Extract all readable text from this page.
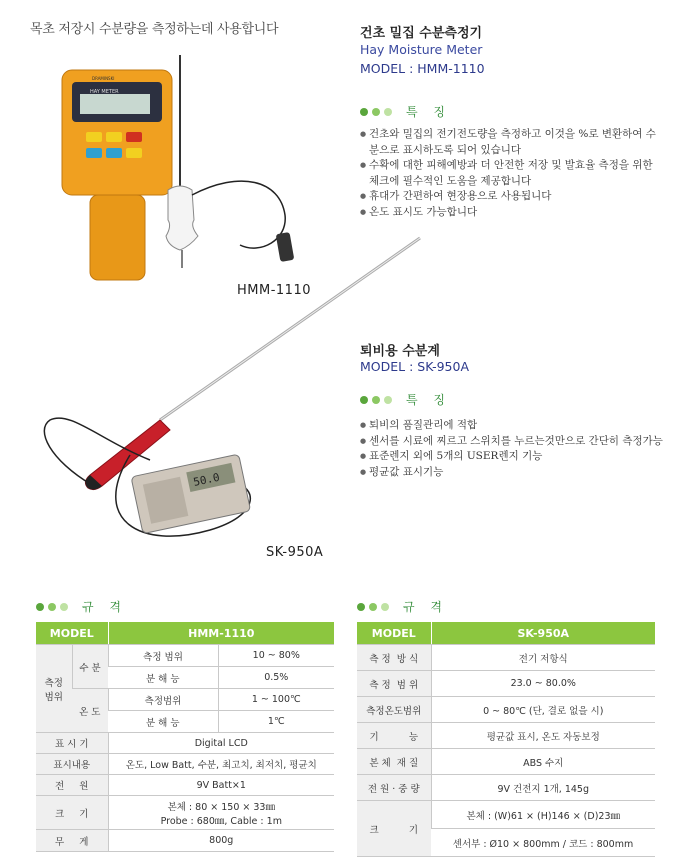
목초 저장시 수분량을 측정하는데 사용합니다
DRAMINSKI
HAY METER
건초 밀집 수분측정기
Hay Moisture Meter
MODEL : HMM-1110
특 징
● 건초와 밀집의 전기전도량을 측정하고 이것을 %로 변환하여 수
분으로 표시하도록 되어 있습니다
● 수확에 대한 피해예방과 더 안전한 저장 및 발효율 측정을 위한
체크에 필수적인 도움을 제공합니다
● 휴대가 간편하여 현장용으로 사용됩니다
● 온도 표시도 가능합니다
HMM-1110
퇴비용 수분계
MODEL : SK-950A
특 징
● 퇴비의 품질관리에 적합
● 센서를 시료에 찌르고 스위치를 누르는것만으로 간단히 측정가능
● 표준렌지 외에 5개의 USER렌지 기능
● 평균값 표시기능
50.0
SK-950A
규 격
MODEL		HMM-1110	
측정
범위	수 분	측정 범위	10 ~ 80%
		분 해 능	0.5%
	온 도	측정범위	1 ~ 100℃
		분 해 능	1℃
표 시 기		Digital LCD	
표시내용		온도, Low Batt, 수분, 최고치, 최저치, 평균치	
전     원		9V Batt×1	
크     기		본체 : 80 × 150 × 33㎜
Probe : 680㎜, Cable : 1m	

무     게		800g	
규 격
MODEL	SK-950A
측 정  방 식	전기 저항식
측 정  범 위	23.0 ~ 80.0%
측정온도범위	0 ~ 80℃ (단, 결로 없을 시)
기          능	평균값 표시, 온도 자동보정
본 체  재 질	ABS 수지
전 원 · 중 량	9V 건전지 1개, 145g
크          기	본체 : (W)61 × (H)146 × (D)23㎜
	센서부 : Ø10 × 800mm / 코드 : 800mm
